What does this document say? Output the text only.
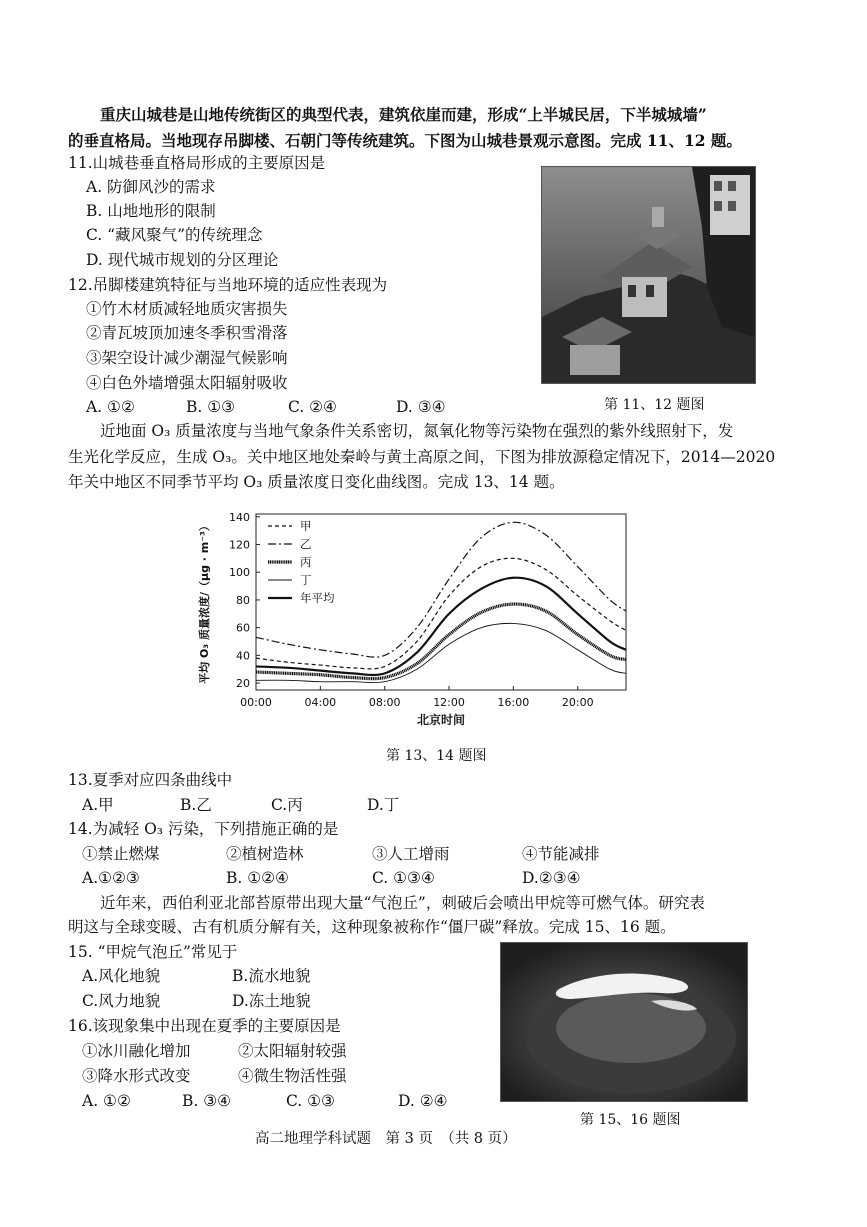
重庆山城巷是山地传统街区的典型代表，建筑依崖而建，形成“上半城民居，下半城城墙”
的垂直格局。当地现存吊脚楼、石朝门等传统建筑。下图为山城巷景观示意图。完成 11、12 题。
11.山城巷垂直格局形成的主要原因是
A. 防御风沙的需求
B. 山地地形的限制
C. “藏风聚气”的传统理念
D. 现代城市规划的分区理论
12.吊脚楼建筑特征与当地环境的适应性表现为
①竹木材质减轻地质灾害损失
②青瓦坡顶加速冬季积雪滑落
③架空设计减少潮湿气候影响
④白色外墙增强太阳辐射吸收
A. ①②	B. ①③	C. ②④	D. ③④	第 11、12 题图
近地面 O₃ 质量浓度与当地气象条件关系密切，氮氧化物等污染物在强烈的紫外线照射下，发
生光化学反应，生成 O₃。关中地区地处秦岭与黄土高原之间，下图为排放源稳定情况下，2014—2020
年关中地区不同季节平均 O₃ 质量浓度日变化曲线图。完成 13、14 题。
20
40
60
80
100
120
140
00:00	04:00	08:00	12:00	16:00	20:00
北京时间
平均 O₃ 质量浓度/（μg · m⁻³）	甲
乙
丙
丁
年平均
第 13、14 题图
13.夏季对应四条曲线中
A.甲	B.乙	C.丙	D.丁
14.为减轻 O₃ 污染，下列措施正确的是
①禁止燃煤	②植树造林	③人工增雨	④节能减排
A.①②③	B. ①②④	C. ①③④	D.②③④
近年来，西伯利亚北部苔原带出现大量“气泡丘”，刺破后会喷出甲烷等可燃气体。研究表
明这与全球变暖、古有机质分解有关，这种现象被称作“僵尸碳”释放。完成 15、16 题。
15. “甲烷气泡丘”常见于
A.风化地貌	B.流水地貌
C.风力地貌	D.冻土地貌
16.该现象集中出现在夏季的主要原因是
①冰川融化增加	②太阳辐射较强
③降水形式改变	④微生物活性强
A. ①②	B. ③④	C. ①③	D. ②④
第 15、16 题图
高二地理学科试题　第 3 页　（共 8 页）
